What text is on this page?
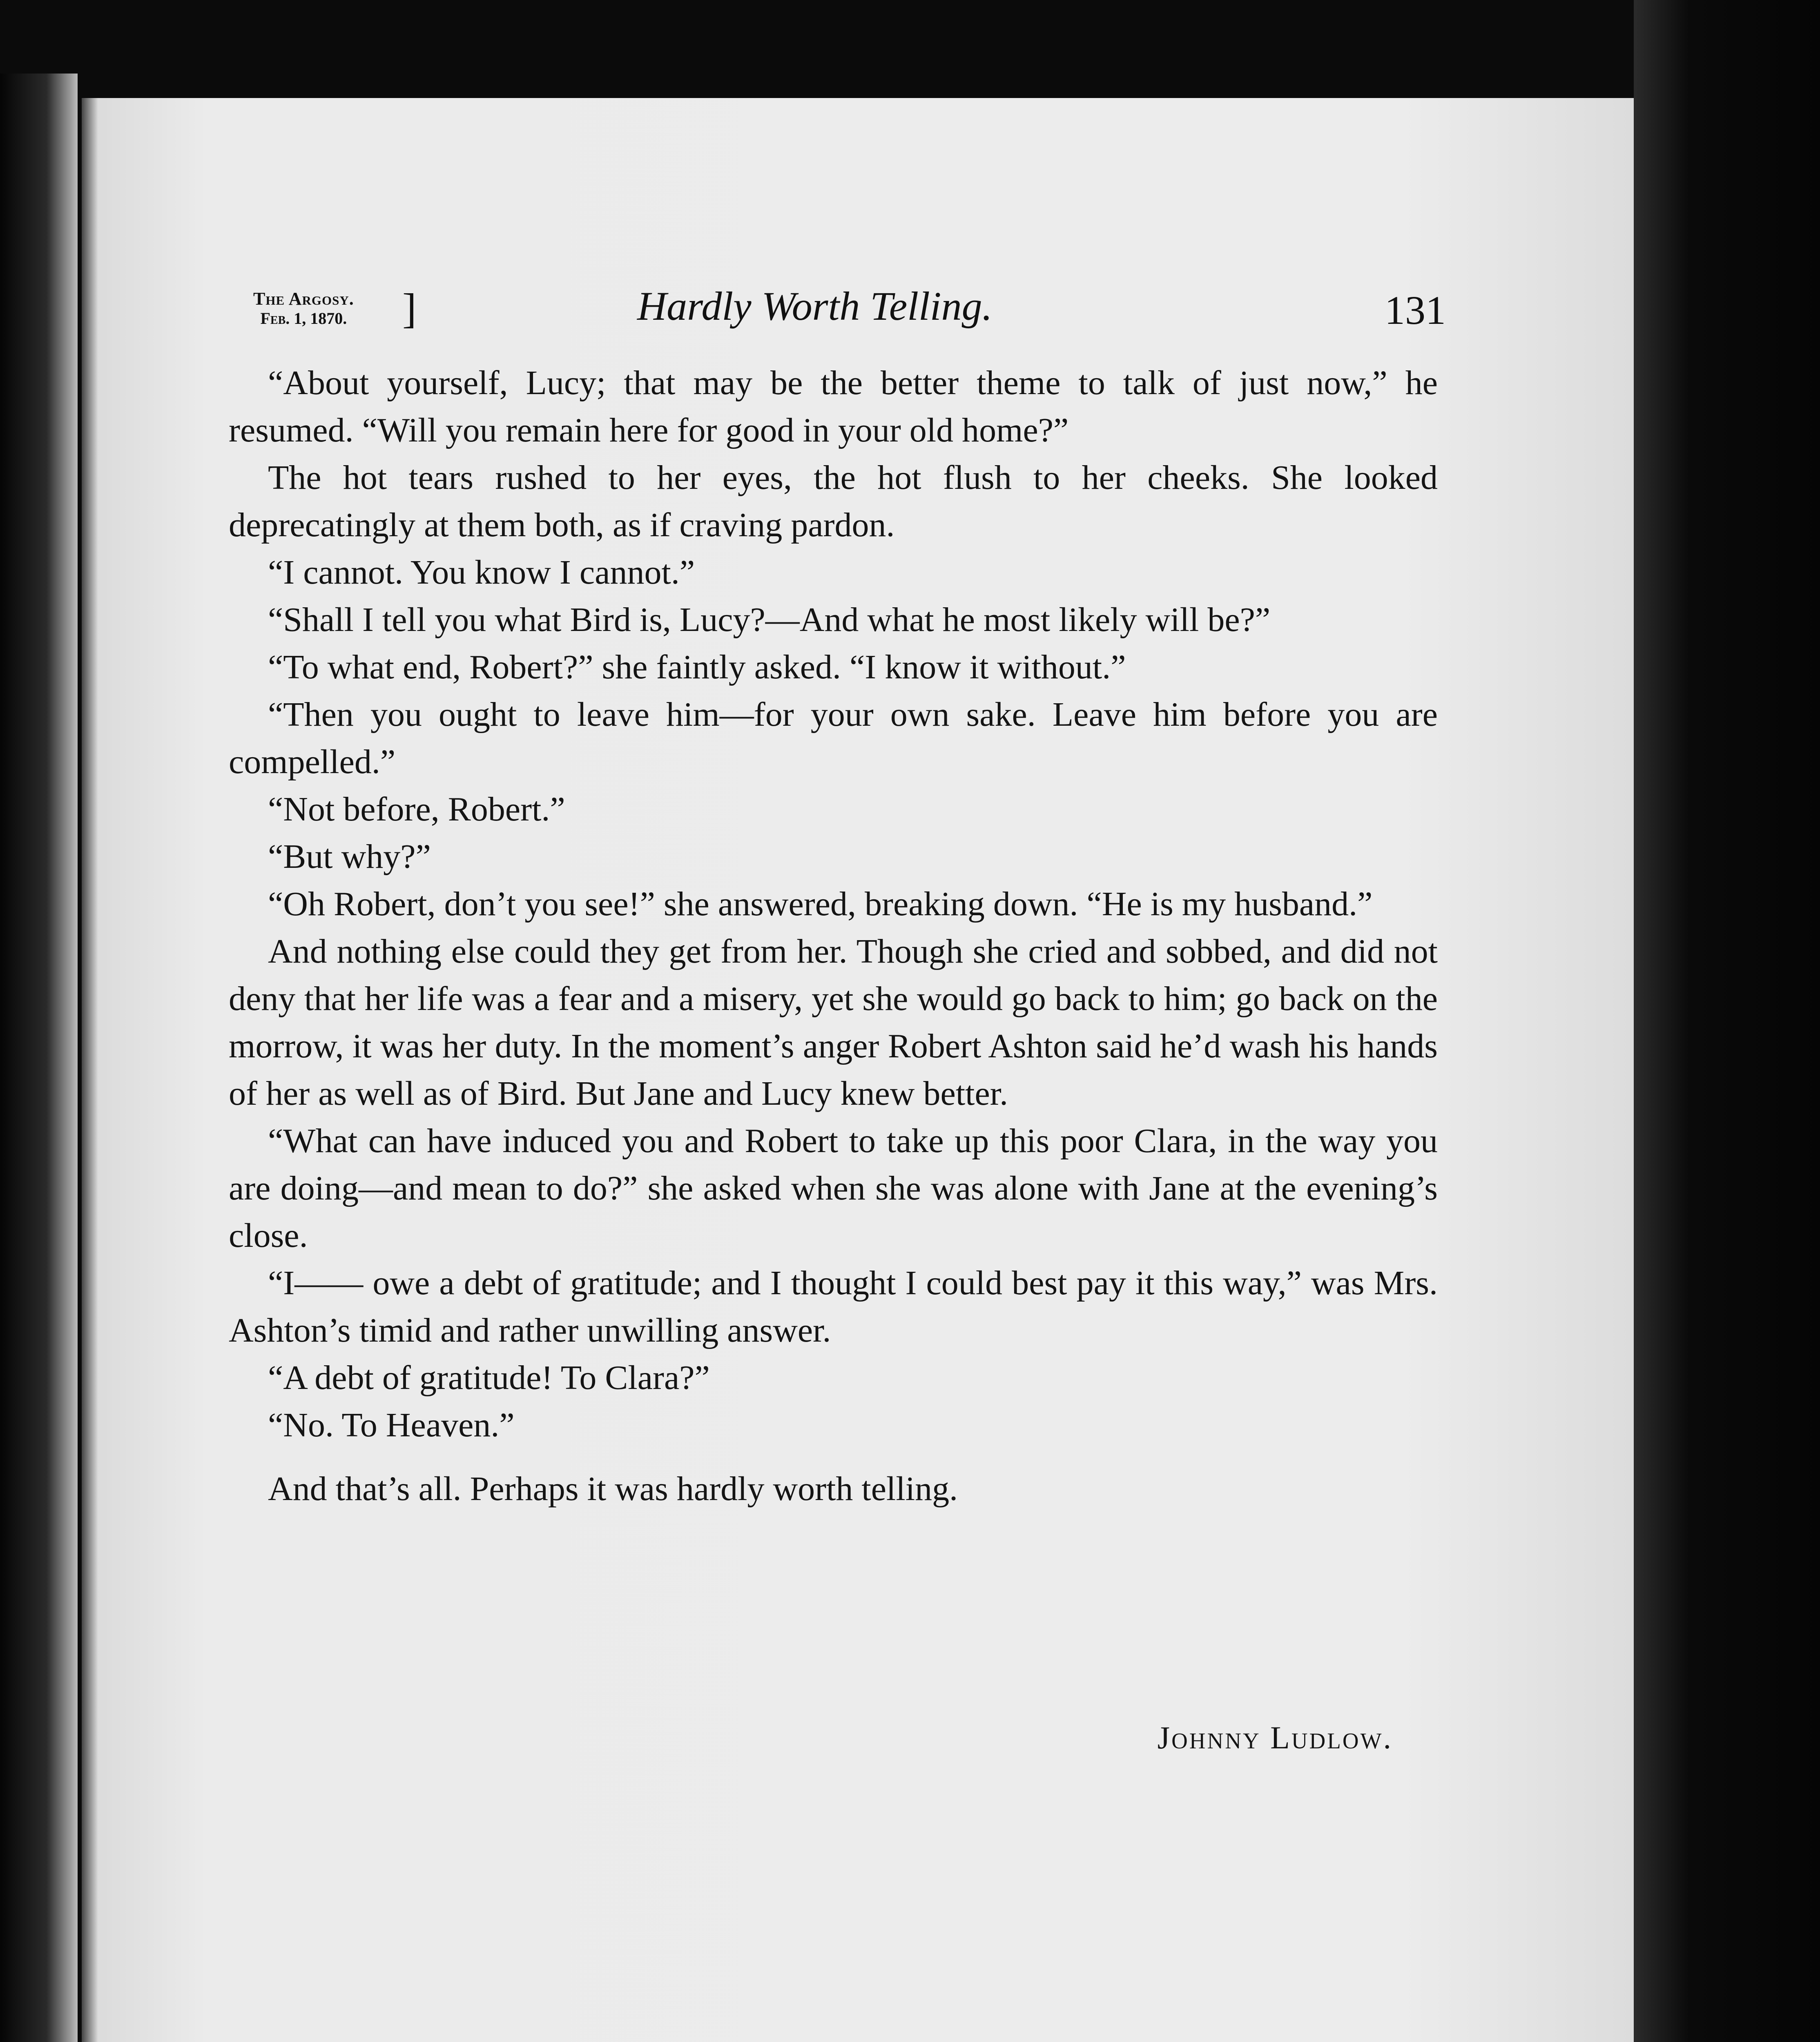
The Argosy.
Feb. 1, 1870. ]	Hardly Worth Telling.	131

“About yourself, Lucy; that may be the better theme to talk of just now,” he resumed. “Will you remain here for good in your old home?”

The hot tears rushed to her eyes, the hot flush to her cheeks. She looked deprecatingly at them both, as if craving pardon.

“I cannot. You know I cannot.”

“Shall I tell you what Bird is, Lucy?—And what he most likely will be?”

“To what end, Robert?” she faintly asked. “I know it without.”

“Then you ought to leave him—for your own sake. Leave him before you are compelled.”

“Not before, Robert.”

“But why?”

“Oh Robert, don’t you see!” she answered, breaking down. “He is my husband.”

And nothing else could they get from her. Though she cried and sobbed, and did not deny that her life was a fear and a misery, yet she would go back to him; go back on the morrow, it was her duty. In the moment’s anger Robert Ashton said he’d wash his hands of her as well as of Bird. But Jane and Lucy knew better.

“What can have induced you and Robert to take up this poor Clara, in the way you are doing—and mean to do?” she asked when she was alone with Jane at the evening’s close.

“I—— owe a debt of gratitude; and I thought I could best pay it this way,” was Mrs. Ashton’s timid and rather unwilling answer.

“A debt of gratitude! To Clara?”

“No. To Heaven.”

And that’s all. Perhaps it was hardly worth telling.

Johnny Ludlow.
